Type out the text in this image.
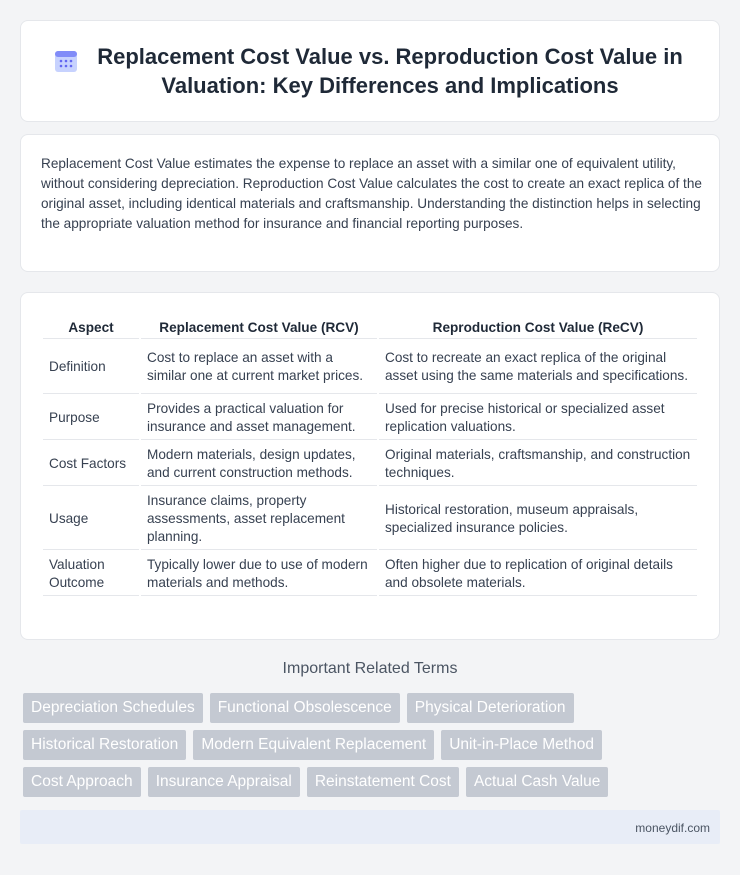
Replacement Cost Value vs. Reproduction Cost Value in Valuation: Key Differences and Implications

Replacement Cost Value estimates the expense to replace an asset with a similar one of equivalent utility, without considering depreciation. Reproduction Cost Value calculates the cost to create an exact replica of the original asset, including identical materials and craftsmanship. Understanding the distinction helps in selecting the appropriate valuation method for insurance and financial reporting purposes.

Aspect	Replacement Cost Value (RCV)	Reproduction Cost Value (ReCV)
Definition	Cost to replace an asset with a similar one at current market prices.	Cost to recreate an exact replica of the original asset using the same materials and specifications.
Purpose	Provides a practical valuation for insurance and asset management.	Used for precise historical or specialized asset replication valuations.
Cost Factors	Modern materials, design updates, and current construction methods.	Original materials, craftsmanship, and construction techniques.
Usage	Insurance claims, property assessments, asset replacement planning.	Historical restoration, museum appraisals, specialized insurance policies.
Valuation Outcome	Typically lower due to use of modern materials and methods.	Often higher due to replication of original details and obsolete materials.
Important Related Terms
Depreciation Schedules	Functional Obsolescence	Physical Deterioration
Historical Restoration	Modern Equivalent Replacement	Unit-in-Place Method
Cost Approach	Insurance Appraisal	Reinstatement Cost	Actual Cash Value
moneydif.com
